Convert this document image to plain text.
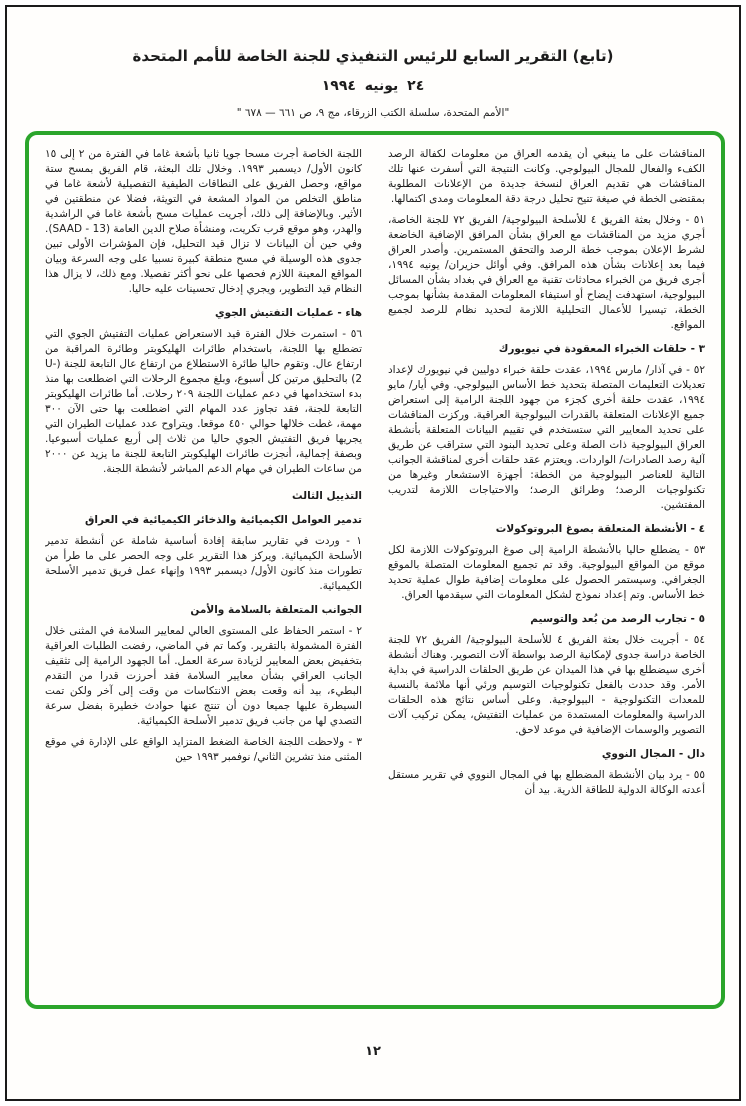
(تابع) التقرير السابع للرئيس التنفيذي للجنة الخاصة للأمم المتحدة
٢٤ يونيه ١٩٩٤
"الأمم المتحدة، سلسلة الكتب الزرقاء، مج ٩، ص ٦٦١ — ٦٧٨ "
المناقشات على ما ينبغي أن يقدمه العراق من معلومات لكفالة الرصد الكفء والفعال للمجال البيولوجي. وكانت النتيجة التي أسفرت عنها تلك المناقشات هي تقديم العراق لنسخة جديدة من الإعلانات المطلوبة بمقتضى الخطة في صيغة تتيح تحليل درجة دقة المعلومات ومدى اكتمالها.
٥١ - وخلال بعثة الفريق ٤ للأسلحة البيولوجية/ الفريق ٧٢ للجنة الخاصة، أجري مزيد من المناقشات مع العراق بشأن المرافق الإضافية الخاضعة لشرط الإعلان بموجب خطة الرصد والتحقق المستمرين. وأصدر العراق فيما بعد إعلانات بشأن هذه المرافق. وفي أوائل حزيران/ يونيه ١٩٩٤، أجرى فريق من الخبراء محادثات تقنية مع العراق في بغداد بشأن المسائل البيولوجية، استهدفت إيضاح أو استيفاء المعلومات المقدمة بشأنها بموجب الخطة، تيسيرا للأعمال التحليلية اللازمة لتحديد نظام للرصد لجميع المواقع.
٣ - حلقات الخبراء المعقودة في نيويورك
٥٢ - في آذار/ مارس ١٩٩٤، عقدت حلقة خبراء دوليين في نيويورك لإعداد تعديلات التعليمات المتصلة بتحديد خط الأساس البيولوجي. وفي أيار/ مايو ١٩٩٤، عقدت حلقة أخرى كجزء من جهود اللجنة الرامية إلى استعراض جميع الإعلانات المتعلقة بالقدرات البيولوجية العراقية. وركزت المناقشات على تحديد المعايير التي ستستخدم في تقييم البيانات المتعلقة بأنشطة العراق البيولوجية ذات الصلة وعلى تحديد البنود التي ستراقب عن طريق آلية رصد الصادرات/ الواردات. ويعتزم عقد حلقات أخرى لمناقشة الجوانب التالية للعناصر البيولوجية من الخطة: أجهزة الاستشعار وغيرها من تكنولوجيات الرصد؛ وطرائق الرصد؛ والاحتياجات اللازمة لتدريب المفتشين.
٤ - الأنشطة المتعلقة بصوغ البروتوكولات
٥٣ - يضطلع حاليا بالأنشطة الرامية إلى صوغ البروتوكولات اللازمة لكل موقع من المواقع البيولوجية. وقد تم تجميع المعلومات المتصلة بالموقع الجغرافي. وسيستمر الحصول على معلومات إضافية طوال عملية تحديد خط الأساس. وتم إعداد نموذج لشكل المعلومات التي سيقدمها العراق.
٥ - تجارب الرصد من بُعد والتوسيم
٥٤ - أجريت خلال بعثة الفريق ٤ للأسلحة البيولوجية/ الفريق ٧٢ للجنة الخاصة دراسة جدوى لإمكانية الرصد بواسطة آلات التصوير. وهناك أنشطة أخرى سيضطلع بها في هذا الميدان عن طريق الحلقات الدراسية في بداية الأمر. وقد حددت بالفعل تكنولوجيات التوسيم ورئي أنها ملائمة بالنسبة للمعدات التكنولوجية - البيولوجية. وعلى أساس نتائج هذه الحلقات الدراسية والمعلومات المستمدة من عمليات التفتيش، يمكن تركيب آلات التصوير والوسمات الإضافية في موعد لاحق.
دال - المجال النووي
٥٥ - يرد بيان الأنشطة المضطلع بها في المجال النووي في تقرير مستقل أعدته الوكالة الدولية للطاقة الذرية. بيد أن
اللجنة الخاصة أجرت مسحا جويا ثانيا بأشعة غاما في الفترة من ٢ إلى ١٥ كانون الأول/ ديسمبر ١٩٩٣. وخلال تلك البعثة، قام الفريق بمسح ستة مواقع، وحصل الفريق على النطاقات الطيفية التفصيلية لأشعة غاما في مناطق التخلص من المواد المشعة في التويثة، فضلا عن منطقتين في الأثير. وبالإضافة إلى ذلك، أجريت عمليات مسح بأشعة غاما في الراشدية والهدر، وهو موقع قرب تكريت، ومنشأة صلاح الدين العامة (SAAD - 13). وفي حين أن البيانات لا تزال قيد التحليل، فإن المؤشرات الأولى تبين جدوى هذه الوسيلة في مسح منطقة كبيرة نسبيا على وجه السرعة وبيان المواقع المعينة اللازم فحصها على نحو أكثر تفصيلا. ومع ذلك، لا يزال هذا النظام قيد التطوير، ويجري إدخال تحسينات عليه حاليا.
هاء - عمليات التفتيش الجوي
٥٦ - استمرت خلال الفترة قيد الاستعراض عمليات التفتيش الجوي التي تضطلع بها اللجنة، باستخدام طائرات الهليكوبتر وطائرة المراقبة من ارتفاع عال. وتقوم حاليا طائرة الاستطلاع من ارتفاع عال التابعة للجنة (U-2) بالتحليق مرتين كل أسبوع، وبلغ مجموع الرحلات التي اضطلعت بها منذ بدء استخدامها في دعم عمليات اللجنة ٢٠٩ رحلات. أما طائرات الهليكوبتر التابعة للجنة، فقد تجاوز عدد المهام التي اضطلعت بها حتى الآن ٣٠٠ مهمة، غطت خلالها حوالي ٤٥٠ موقعا. ويتراوح عدد عمليات الطيران التي يجريها فريق التفتيش الجوي حاليا من ثلاث إلى أربع عمليات أسبوعيا. وبصفة إجمالية، أنجزت طائرات الهليكوبتر التابعة للجنة ما يزيد عن ٢٠٠٠ من ساعات الطيران في مهام الدعم المباشر لأنشطة اللجنة.
التذييل الثالث
تدمير العوامل الكيميائية والذخائر الكيميائية في العراق
١ - وردت في تقارير سابقة إفادة أساسية شاملة عن أنشطة تدمير الأسلحة الكيميائية. ويركز هذا التقرير على وجه الحصر على ما طرأ من تطورات منذ كانون الأول/ ديسمبر ١٩٩٣ وإنهاء عمل فريق تدمير الأسلحة الكيميائية.
الجوانب المتعلقة بالسلامة والأمن
٢ - استمر الحفاظ على المستوى العالي لمعايير السلامة في المثنى خلال الفترة المشمولة بالتقرير. وكما تم في الماضي، رفضت الطلبات العراقية بتخفيض بعض المعايير لزيادة سرعة العمل. أما الجهود الرامية إلى تثقيف الجانب العراقي بشأن معايير السلامة فقد أحرزت قدرا من التقدم البطيء، بيد أنه وقعت بعض الانتكاسات من وقت إلى آخر ولكن تمت السيطرة عليها جميعا دون أن تنتج عنها حوادث خطيرة بفضل سرعة التصدي لها من جانب فريق تدمير الأسلحة الكيميائية.
٣ - ولاحظت اللجنة الخاصة الضغط المتزايد الواقع على الإدارة في موقع المثنى منذ تشرين الثاني/ نوفمبر ١٩٩٣ حين
١٢
